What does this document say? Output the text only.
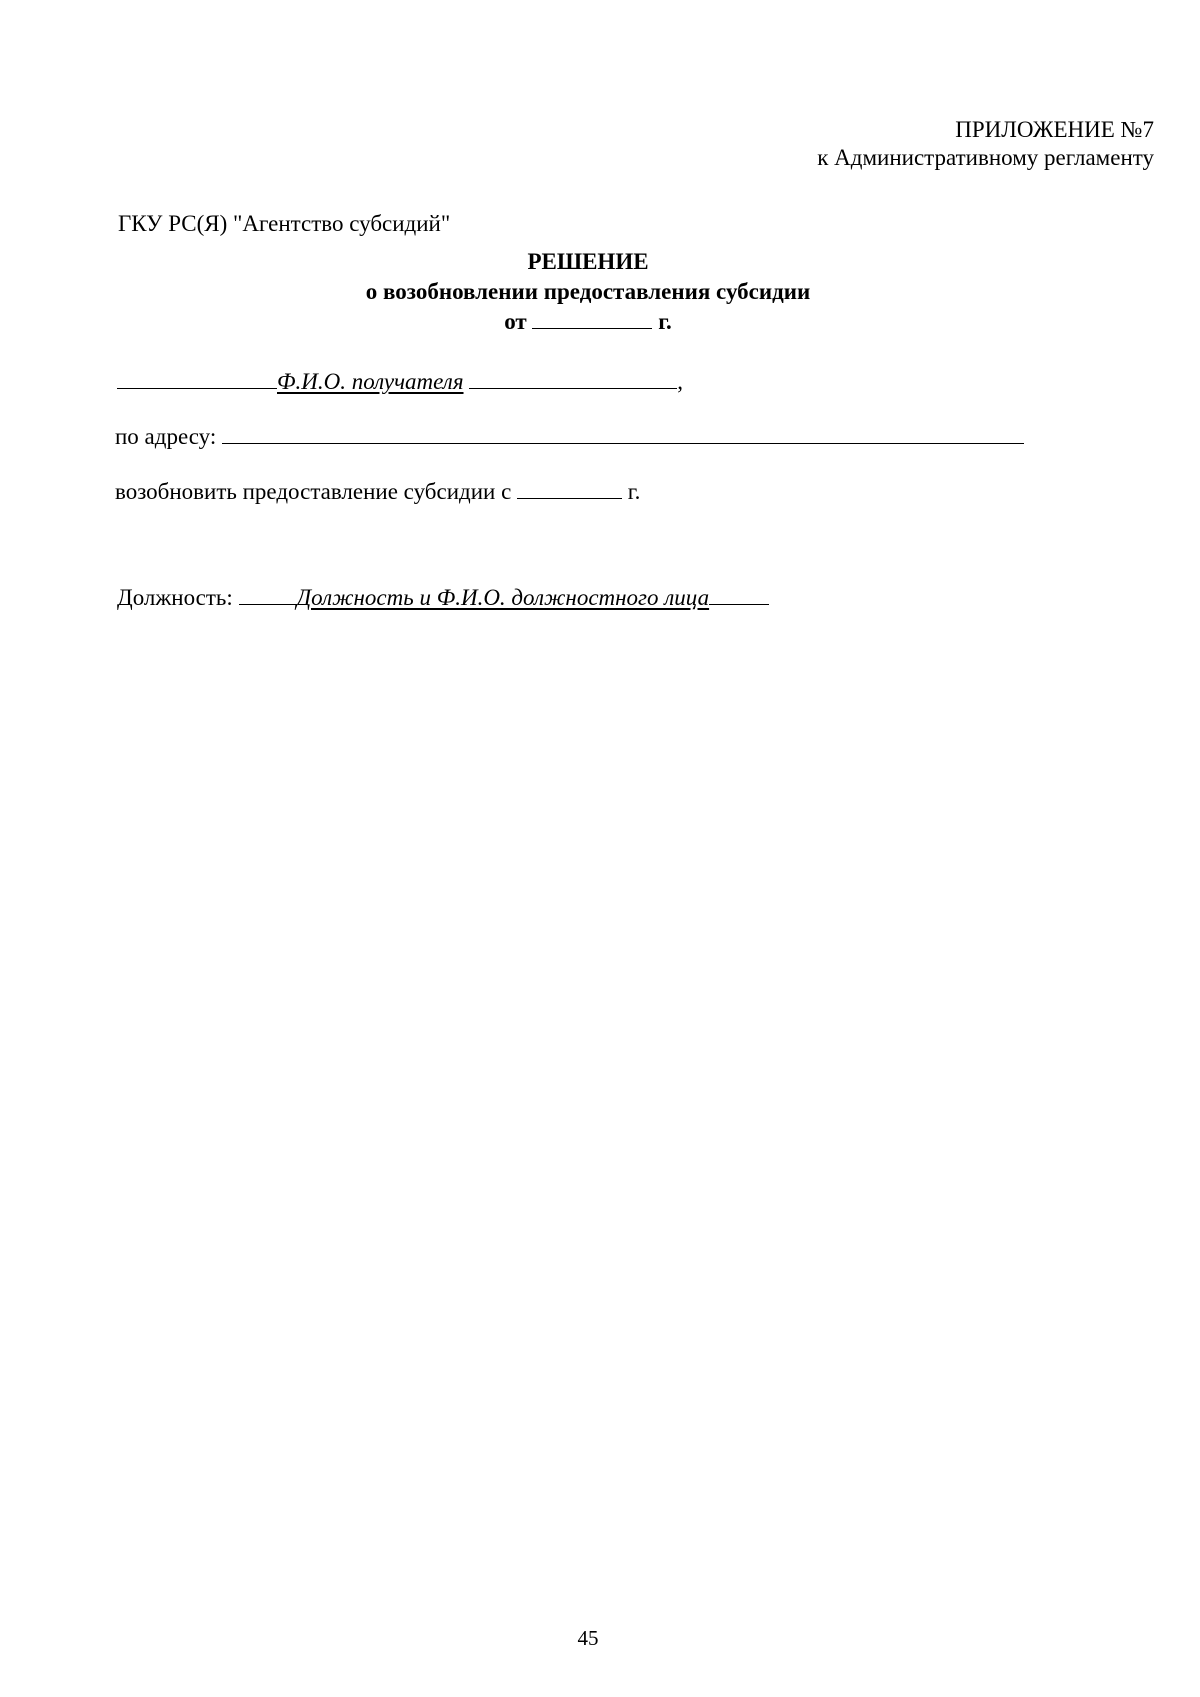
ПРИЛОЖЕНИЕ №7
к Административному регламенту
ГКУ РС(Я) "Агентство субсидий"
РЕШЕНИЕ
о возобновлении предоставления субсидии
от	г.
Ф.И.О. получателя	,
по адресу:
возобновить предоставление субсидии с	г.
Должность:	Должность и Ф.И.О. должностного лица
45
